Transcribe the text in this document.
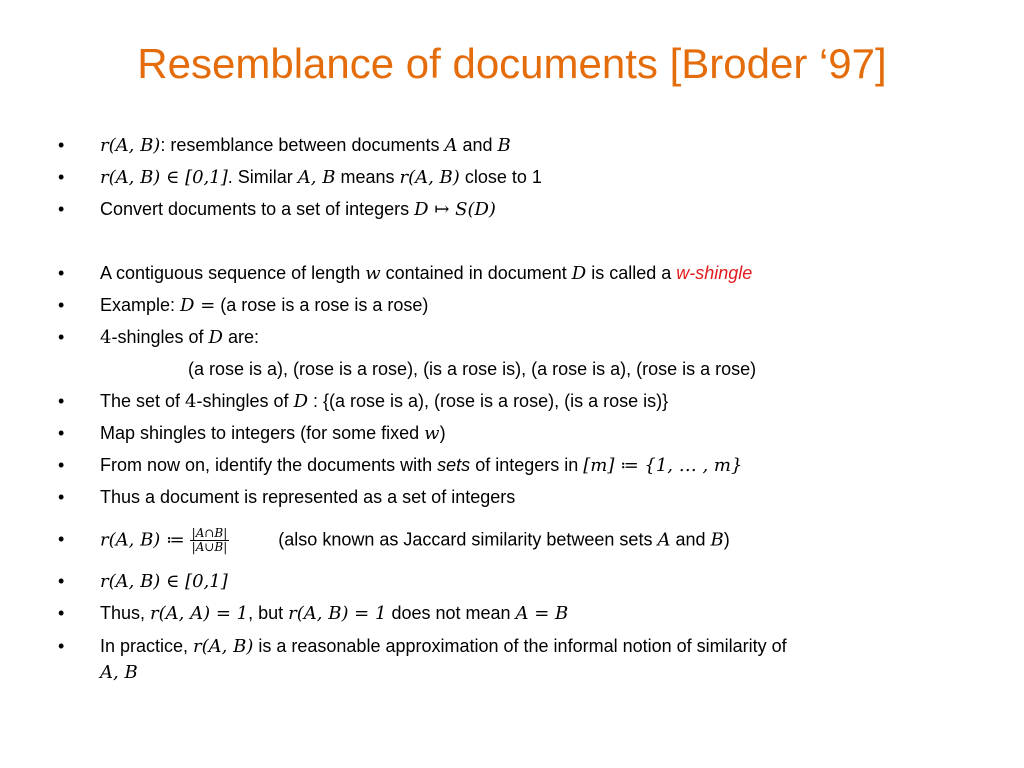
Resemblance of documents [Broder ‘97]
• r(A, B): resemblance between documents A and B
• r(A, B) ∈ [0,1]. Similar A, B means r(A, B) close to 1
• Convert documents to a set of integers D ↦ S(D)
• A contiguous sequence of length w contained in document D is called a w-shingle
• Example: D = (a rose is a rose is a rose)
• 4-shingles of D are:
(a rose is a), (rose is a rose), (is a rose is), (a rose is a), (rose is a rose)
• The set of 4-shingles of D : {(a rose is a), (rose is a rose), (is a rose is)}
• Map shingles to integers (for some fixed w)
• From now on, identify the documents with sets of integers in [m] ≔ {1, … , m}
• Thus a document is represented as a set of integers
• r(A, B) ≔ $\frac{|A\cap B|}{|A\cup B|}$	(also known as Jaccard similarity between sets A and B)
• r(A, B) ∈ [0,1]
• Thus, r(A, A) = 1, but r(A, B) = 1 does not mean A = B
• In practice, r(A, B) is a reasonable approximation of the informal notion of similarity of
A, B
